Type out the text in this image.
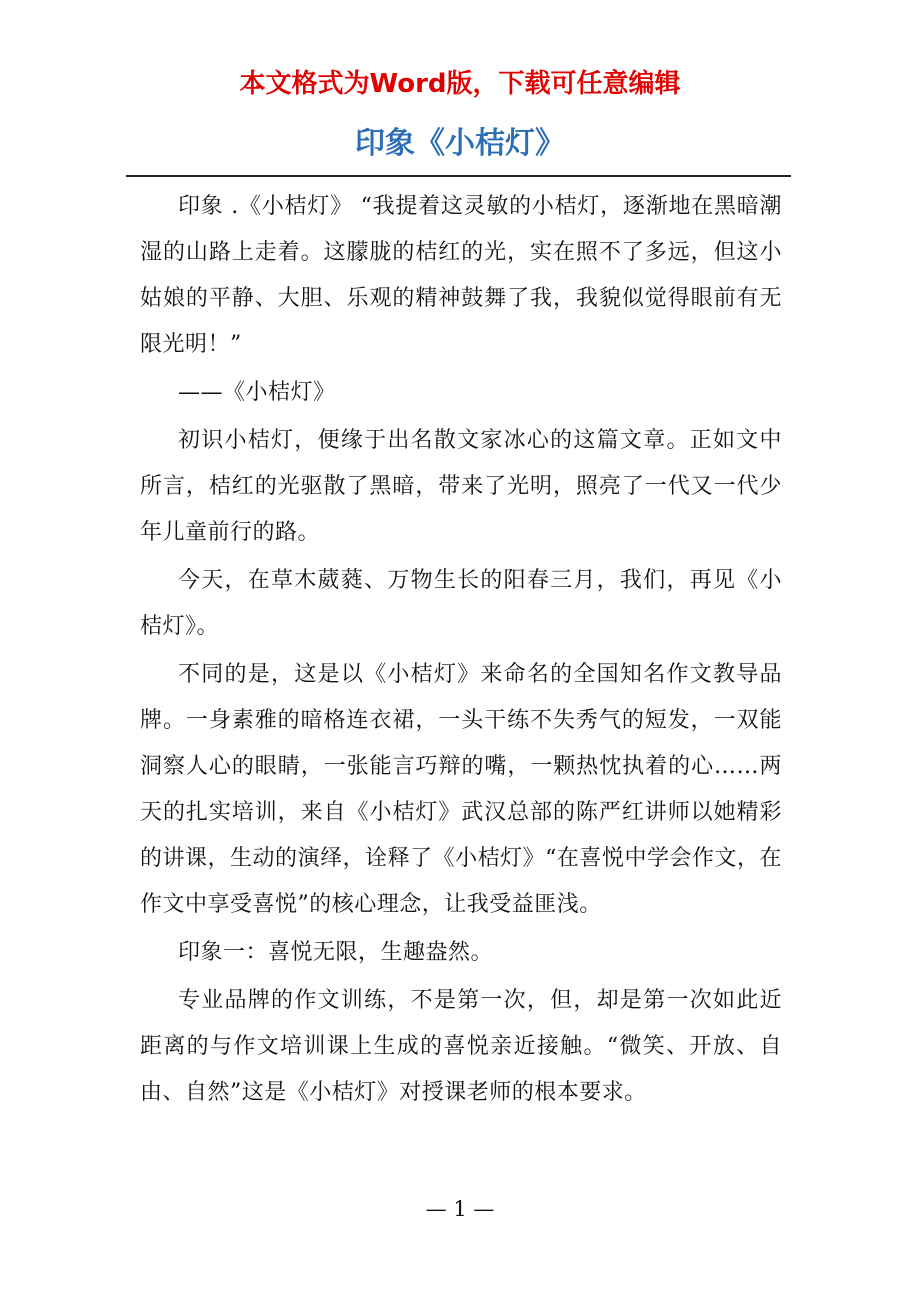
本文格式为Word版，下载可任意编辑

印象《小桔灯》

印象 .《小桔灯》 “我提着这灵敏的小桔灯，逐渐地在黑暗潮湿的山路上走着。这朦胧的桔红的光，实在照不了多远，但这小姑娘的平静、大胆、乐观的精神鼓舞了我，我貌似觉得眼前有无限光明！”

——《小桔灯》

初识小桔灯，便缘于出名散文家冰心的这篇文章。正如文中所言，桔红的光驱散了黑暗，带来了光明，照亮了一代又一代少年儿童前行的路。

今天，在草木葳蕤、万物生长的阳春三月，我们，再见《小桔灯》。

不同的是，这是以《小桔灯》来命名的全国知名作文教导品牌。一身素雅的暗格连衣裙，一头干练不失秀气的短发，一双能洞察人心的眼睛，一张能言巧辩的嘴，一颗热忱执着的心……两天的扎实培训，来自《小桔灯》武汉总部的陈严红讲师以她精彩的讲课，生动的演绎，诠释了《小桔灯》“在喜悦中学会作文，在作文中享受喜悦”的核心理念，让我受益匪浅。

印象一：喜悦无限，生趣盎然。

专业品牌的作文训练，不是第一次，但，却是第一次如此近距离的与作文培训课上生成的喜悦亲近接触。“微笑、开放、自由、自然”这是《小桔灯》对授课老师的根本要求。

— 1 —
